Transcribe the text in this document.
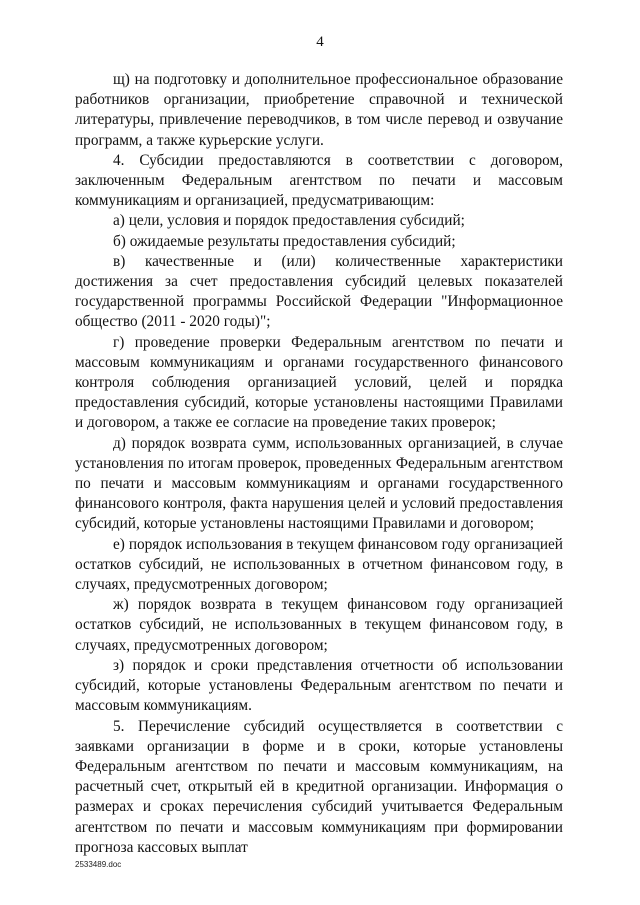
4

щ) на подготовку и дополнительное профессиональное образование работников организации, приобретение справочной и технической литературы, привлечение переводчиков, в том числе перевод и озвучание программ, а также курьерские услуги.

4. Субсидии предоставляются в соответствии с договором, заключенным Федеральным агентством по печати и массовым коммуникациям и организацией, предусматривающим:

а) цели, условия и порядок предоставления субсидий;

б) ожидаемые результаты предоставления субсидий;

в) качественные и (или) количественные характеристики достижения за счет предоставления субсидий целевых показателей государственной программы Российской Федерации "Информационное общество (2011 - 2020 годы)";

г) проведение проверки Федеральным агентством по печати и массовым коммуникациям и органами государственного финансового контроля соблюдения организацией условий, целей и порядка предоставления субсидий, которые установлены настоящими Правилами и договором, а также ее согласие на проведение таких проверок;

д) порядок возврата сумм, использованных организацией, в случае установления по итогам проверок, проведенных Федеральным агентством по печати и массовым коммуникациям и органами государственного финансового контроля, факта нарушения целей и условий предоставления субсидий, которые установлены настоящими Правилами и договором;

е) порядок использования в текущем финансовом году организацией остатков субсидий, не использованных в отчетном финансовом году, в случаях, предусмотренных договором;

ж) порядок возврата в текущем финансовом году организацией остатков субсидий, не использованных в текущем финансовом году, в случаях, предусмотренных договором;

з) порядок и сроки представления отчетности об использовании субсидий, которые установлены Федеральным агентством по печати и массовым коммуникациям.

5. Перечисление субсидий осуществляется в соответствии с заявками организации в форме и в сроки, которые установлены Федеральным агентством по печати и массовым коммуникациям, на расчетный счет, открытый ей в кредитной организации. Информация о размерах и сроках перечисления субсидий учитывается Федеральным агентством по печати и массовым коммуникациям при формировании прогноза кассовых выплат

2533489.doc
